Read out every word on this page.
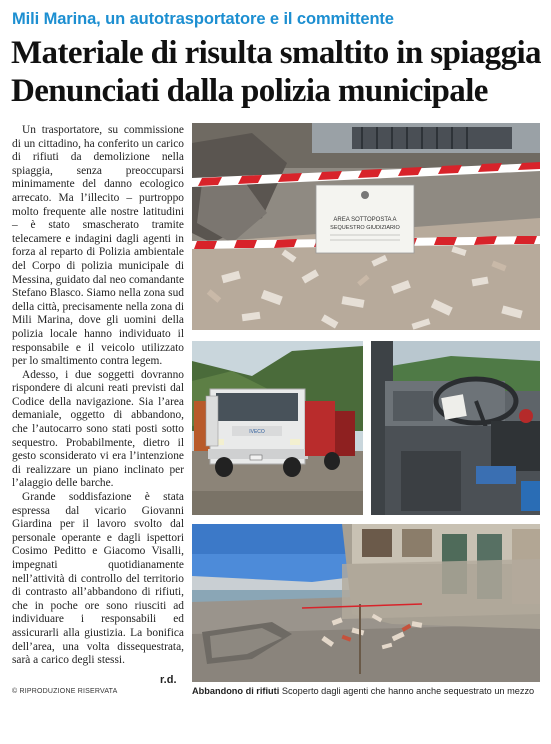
Mili Marina, un autotrasportatore e il committente
Materiale di risulta smaltito in spiaggia
Denunciati dalla polizia municipale

Un trasportatore, su commissione di un cittadino, ha conferito un carico di rifiuti da demolizione nella spiaggia, senza preoccuparsi minimamente del danno ecologico arrecato. Ma l’illecito – purtroppo molto frequente alle nostre latitudini – è stato smascherato tramite telecamere e indagini dagli agenti in forza al reparto di Polizia ambientale del Corpo di polizia municipale di Messina, guidato dal neo comandante Stefano Blasco. Siamo nella zona sud della città, precisamente nella zona di Mili Marina, dove gli uomini della polizia locale hanno individuato il responsabile e il veicolo utilizzato per lo smaltimento contra legem.

Adesso, i due soggetti dovranno rispondere di alcuni reati previsti dal Codice della navigazione. Sia l’area demaniale, oggetto di abbandono, che l’autocarro sono stati posti sotto sequestro. Probabilmente, dietro il gesto sconsiderato vi era l’intenzione di realizzare un piano inclinato per l’alaggio delle barche.

Grande soddisfazione è stata espressa dal vicario Giovanni Giardina per il lavoro svolto dal personale operante e dagli ispettori Cosimo Peditto e Giacomo Visalli, impegnati quotidianamente nell’attività di controllo del territorio di contrasto all’abbandono di rifiuti, che in poche ore sono riusciti ad individuare i responsabili ed assicurarli alla giustizia. La bonifica dell’area, una volta dissequestrata, sarà a carico degli stessi.

r.d.
© RIPRODUZIONE RISERVATA
AREA SOTTOPOSTA A
SEQUESTRO GIUDIZIARIO
IVECO
Abbandono di rifiuti Scoperto dagli agenti che hanno anche sequestrato un mezzo
